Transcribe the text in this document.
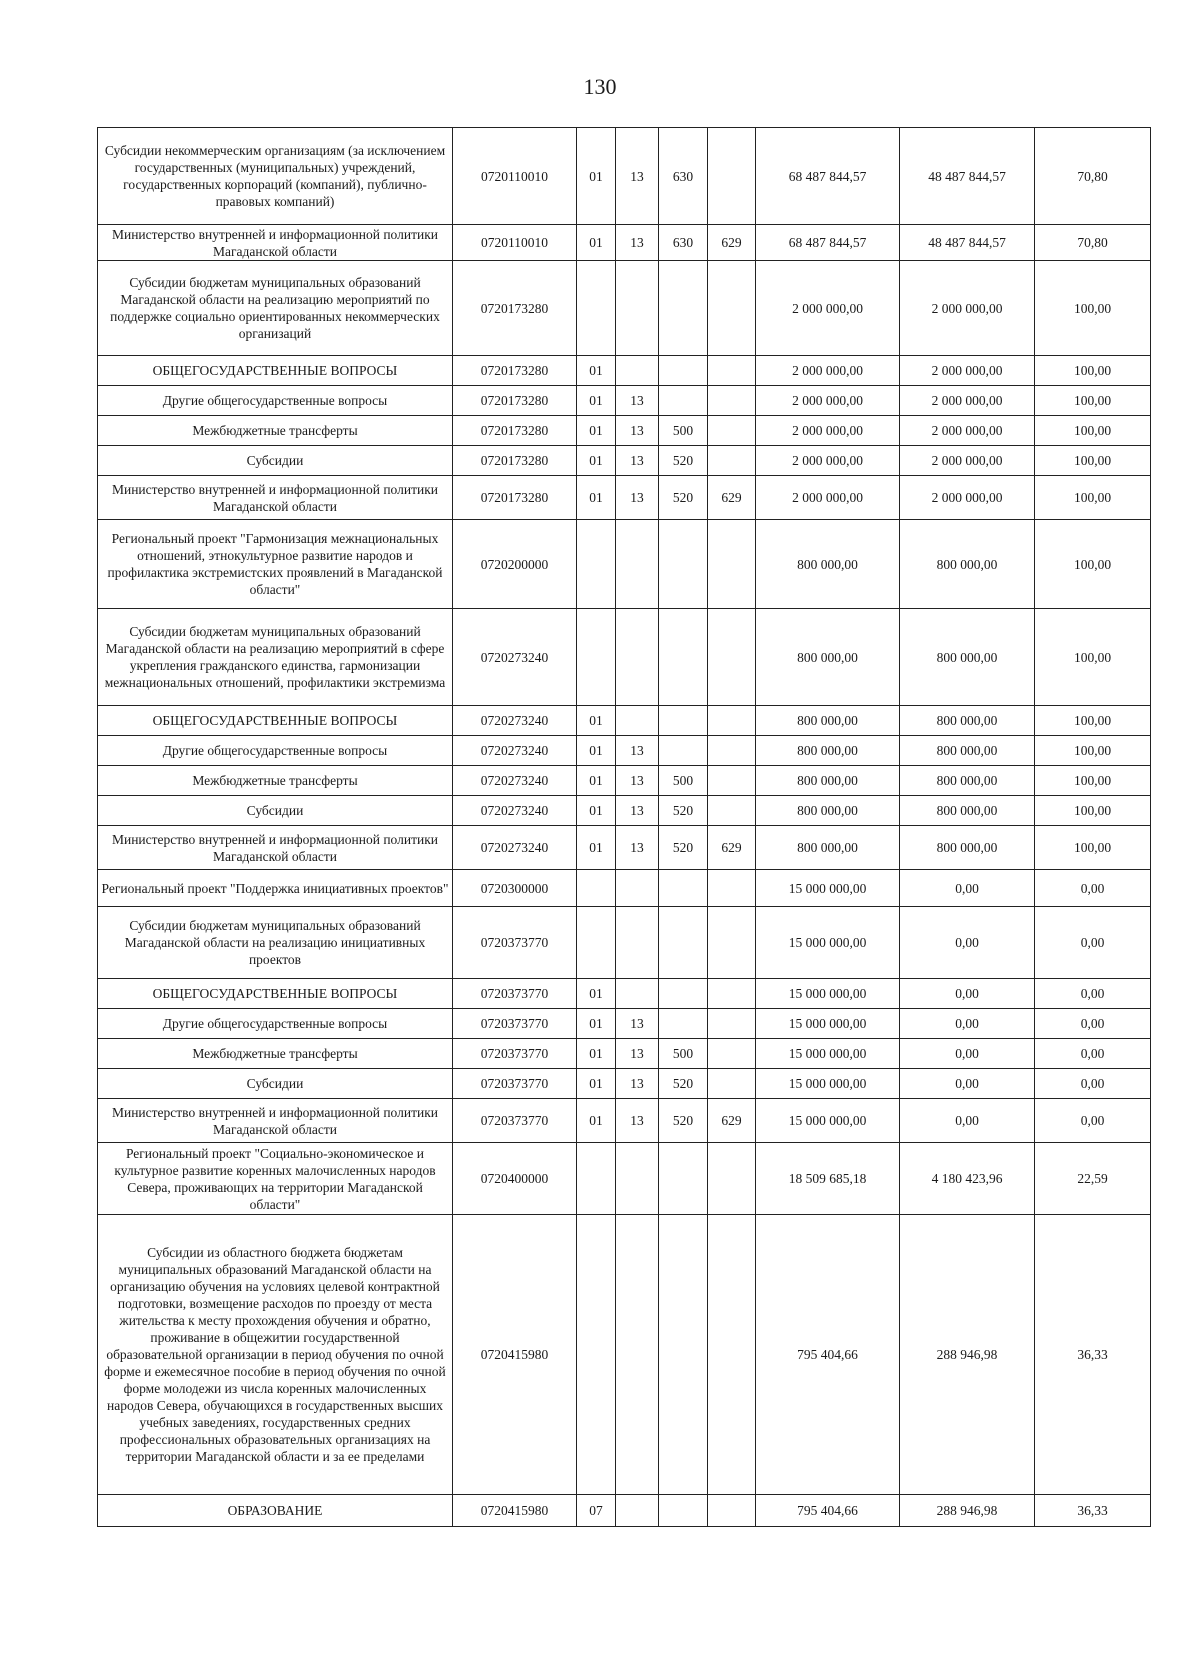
130
Субсидии некоммерческим организациям (за исключением государственных (муниципальных) учреждений, государственных корпораций (компаний), публично-правовых компаний)	0720110010	01	13	630		68 487 844,57	48 487 844,57	70,80
Министерство внутренней и информационной политики Магаданской области	0720110010	01	13	630	629	68 487 844,57	48 487 844,57	70,80
Субсидии бюджетам муниципальных образований Магаданской области на реализацию мероприятий по поддержке социально ориентированных некоммерческих организаций	0720173280					2 000 000,00	2 000 000,00	100,00
ОБЩЕГОСУДАРСТВЕННЫЕ ВОПРОСЫ	0720173280	01				2 000 000,00	2 000 000,00	100,00
Другие общегосударственные вопросы	0720173280	01	13			2 000 000,00	2 000 000,00	100,00
Межбюджетные трансферты	0720173280	01	13	500		2 000 000,00	2 000 000,00	100,00
Субсидии	0720173280	01	13	520		2 000 000,00	2 000 000,00	100,00
Министерство внутренней и информационной политики Магаданской области	0720173280	01	13	520	629	2 000 000,00	2 000 000,00	100,00
Региональный проект "Гармонизация межнациональных отношений, этнокультурное развитие народов и профилактика экстремистских проявлений в Магаданской области"	0720200000					800 000,00	800 000,00	100,00
Субсидии бюджетам муниципальных образований Магаданской области на реализацию мероприятий в сфере укрепления гражданского единства, гармонизации межнациональных отношений, профилактики экстремизма	0720273240					800 000,00	800 000,00	100,00
ОБЩЕГОСУДАРСТВЕННЫЕ ВОПРОСЫ	0720273240	01				800 000,00	800 000,00	100,00
Другие общегосударственные вопросы	0720273240	01	13			800 000,00	800 000,00	100,00
Межбюджетные трансферты	0720273240	01	13	500		800 000,00	800 000,00	100,00
Субсидии	0720273240	01	13	520		800 000,00	800 000,00	100,00
Министерство внутренней и информационной политики Магаданской области	0720273240	01	13	520	629	800 000,00	800 000,00	100,00
Региональный проект "Поддержка инициативных проектов"	0720300000					15 000 000,00	0,00	0,00
Субсидии бюджетам муниципальных образований Магаданской области на реализацию инициативных проектов	0720373770					15 000 000,00	0,00	0,00
ОБЩЕГОСУДАРСТВЕННЫЕ ВОПРОСЫ	0720373770	01				15 000 000,00	0,00	0,00
Другие общегосударственные вопросы	0720373770	01	13			15 000 000,00	0,00	0,00
Межбюджетные трансферты	0720373770	01	13	500		15 000 000,00	0,00	0,00
Субсидии	0720373770	01	13	520		15 000 000,00	0,00	0,00
Министерство внутренней и информационной политики Магаданской области	0720373770	01	13	520	629	15 000 000,00	0,00	0,00
Региональный проект "Социально-экономическое и культурное развитие коренных малочисленных народов Севера, проживающих на территории Магаданской области"	0720400000					18 509 685,18	4 180 423,96	22,59
Субсидии из областного бюджета бюджетам муниципальных образований Магаданской области на организацию обучения на условиях целевой контрактной подготовки, возмещение расходов по проезду от места жительства к месту прохождения обучения и обратно, проживание в общежитии государственной образовательной организации в период обучения по очной форме и ежемесячное пособие в период обучения по очной форме молодежи из числа коренных малочисленных народов Севера, обучающихся в государственных высших учебных заведениях, государственных средних профессиональных образовательных организациях на территории Магаданской области и за ее пределами	0720415980					795 404,66	288 946,98	36,33
ОБРАЗОВАНИЕ	0720415980	07				795 404,66	288 946,98	36,33
